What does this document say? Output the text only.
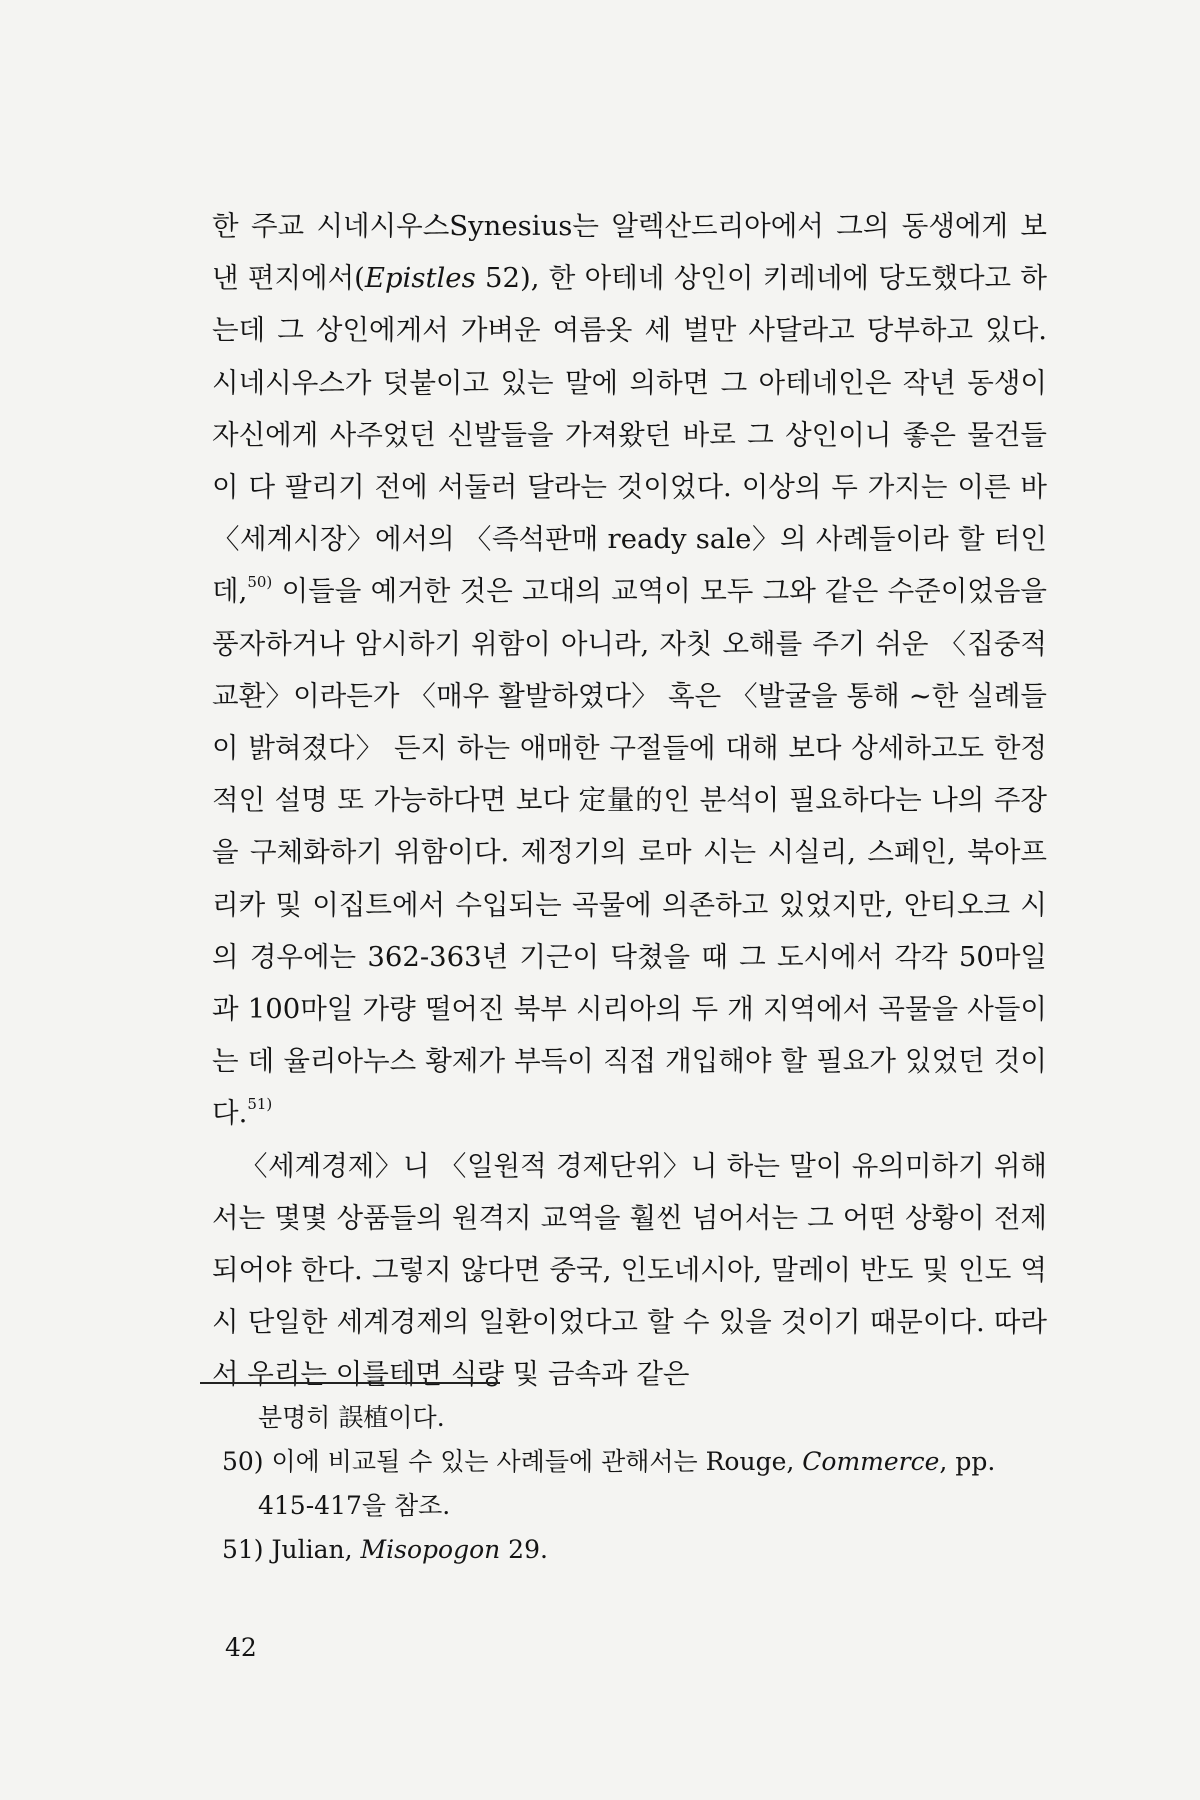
한 주교 시네시우스Synesius는 알렉산드리아에서 그의 동생에게 보낸 편지에서(Epistles 52), 한 아테네 상인이 키레네에 당도했다고 하는데 그 상인에게서 가벼운 여름옷 세 벌만 사달라고 당부하고 있다. 시네시우스가 덧붙이고 있는 말에 의하면 그 아테네인은 작년 동생이 자신에게 사주었던 신발들을 가져왔던 바로 그 상인이니 좋은 물건들이 다 팔리기 전에 서둘러 달라는 것이었다. 이상의 두 가지는 이른 바 〈세계시장〉에서의 〈즉석판매 ready sale〉의 사례들이라 할 터인데,$^{50)}$ 이들을 예거한 것은 고대의 교역이 모두 그와 같은 수준이었음을 풍자하거나 암시하기 위함이 아니라, 자칫 오해를 주기 쉬운 〈집중적 교환〉이라든가 〈매우 활발하였다〉 혹은 〈발굴을 통해 ~한 실례들이 밝혀졌다〉 든지 하는 애매한 구절들에 대해 보다 상세하고도 한정적인 설명 또 가능하다면 보다 定量的인 분석이 필요하다는 나의 주장을 구체화하기 위함이다. 제정기의 로마 시는 시실리, 스페인, 북아프리카 및 이집트에서 수입되는 곡물에 의존하고 있었지만, 안티오크 시의 경우에는 362-363년 기근이 닥쳤을 때 그 도시에서 각각 50마일과 100마일 가량 떨어진 북부 시리아의 두 개 지역에서 곡물을 사들이는 데 율리아누스 황제가 부득이 직접 개입해야 할 필요가 있었던 것이다.$^{51)}$

〈세계경제〉니 〈일원적 경제단위〉니 하는 말이 유의미하기 위해서는 몇몇 상품들의 원격지 교역을 훨씬 넘어서는 그 어떤 상황이 전제되어야 한다. 그렇지 않다면 중국, 인도네시아, 말레이 반도 및 인도 역시 단일한 세계경제의 일환이었다고 할 수 있을 것이기 때문이다. 따라서 우리는 이를테면 식량 및 금속과 같은

분명히 誤植이다.

50) 이에 비교될 수 있는 사례들에 관해서는 Rouge, Commerce, pp. 415-417을 참조.

51) Julian, Misopogon 29.

42
